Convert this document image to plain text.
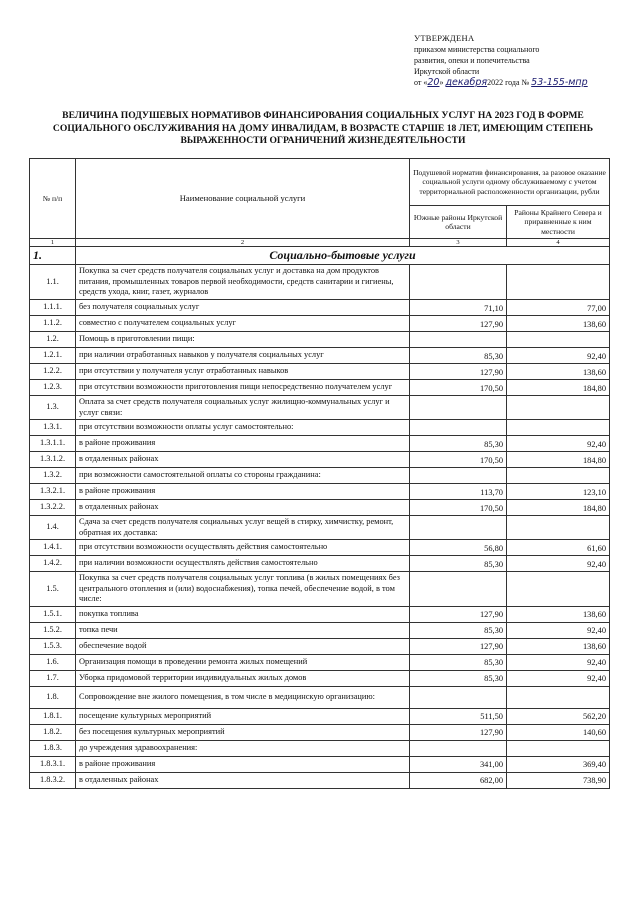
УТВЕРЖДЕНА
приказом министерства социального
развития, опеки и попечительства
Иркутской области
от «20» декабря2022 года № 53-155-мпр
ВЕЛИЧИНА ПОДУШЕВЫХ НОРМАТИВОВ ФИНАНСИРОВАНИЯ СОЦИАЛЬНЫХ УСЛУГ НА 2023 ГОД В ФОРМЕ СОЦИАЛЬНОГО ОБСЛУЖИВАНИЯ НА ДОМУ ИНВАЛИДАМ, В ВОЗРАСТЕ СТАРШЕ 18 ЛЕТ, ИМЕЮЩИМ СТЕПЕНЬ ВЫРАЖЕННОСТИ ОГРАНИЧЕНИЙ ЖИЗНЕДЕЯТЕЛЬНОСТИ
№ п/п	Наименование социальной услуги	Подушевой норматив финансирования, за разовое оказание социальной услуги одному обслуживаемому с учетом территориальной расположенности организации, рубли	
		Южные районы Иркутской области	Районы Крайнего Севера и приравненные к ним местности
1	2	3	4
1.	Социально-бытовые услуги		
1.1.	Покупка за счет средств получателя социальных услуг и доставка на дом продуктов питания, промышленных товаров первой необходимости, средств санитарии и гигиены, средств ухода, книг, газет, журналов		
1.1.1.	без получателя социальных услуг	71,10	77,00
1.1.2.	совместно с получателем социальных услуг	127,90	138,60
1.2.	Помощь в приготовлении пищи:		
1.2.1.	при наличии отработанных навыков у получателя социальных услуг	85,30	92,40
1.2.2.	при отсутствии у получателя услуг отработанных навыков	127,90	138,60
1.2.3.	при отсутствии возможности приготовления пищи непосредственно получателем услуг	170,50	184,80
1.3.	Оплата за счет средств получателя социальных услуг жилищно-коммунальных услуг и услуг связи:		
1.3.1.	при отсутствии возможности оплаты услуг самостоятельно:		
1.3.1.1.	в районе проживания	85,30	92,40
1.3.1.2.	в отдаленных районах	170,50	184,80
1.3.2.	при возможности самостоятельной оплаты со стороны гражданина:		
1.3.2.1.	в районе проживания	113,70	123,10
1.3.2.2.	в отдаленных районах	170,50	184,80
1.4.	Сдача за счет средств получателя социальных услуг вещей в стирку, химчистку, ремонт, обратная их доставка:		
1.4.1.	при отсутствии возможности осуществлять действия самостоятельно	56,80	61,60
1.4.2.	при наличии возможности осуществлять действия самостоятельно	85,30	92,40
1.5.	Покупка за счет средств получателя социальных услуг топлива (в жилых помещениях без центрального отопления и (или) водоснабжения), топка печей, обеспечение водой, в том числе:		
1.5.1.	покупка топлива	127,90	138,60
1.5.2.	топка печи	85,30	92,40
1.5.3.	обеспечение водой	127,90	138,60
1.6.	Организация помощи в проведении ремонта жилых помещений	85,30	92,40
1.7.	Уборка придомовой территории индивидуальных жилых домов	85,30	92,40
1.8.	Сопровождение вне жилого помещения, в том числе в медицинскую организацию:		
1.8.1.	посещение культурных мероприятий	511,50	562,20
1.8.2.	без посещения культурных мероприятий	127,90	140,60
1.8.3.	до учреждения здравоохранения:		
1.8.3.1.	в районе проживания	341,00	369,40
1.8.3.2.	в отдаленных районах	682,00	738,90
